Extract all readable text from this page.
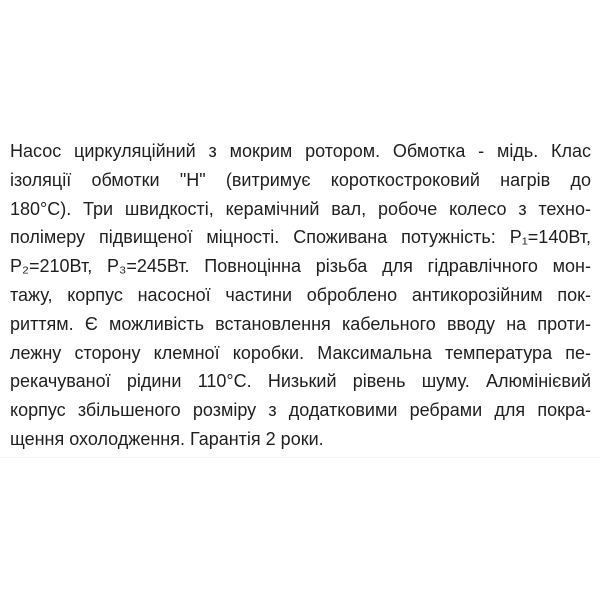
Насос циркуляційний з мокрим ротором. Обмотка - мідь. Клас
ізоляції обмотки "Н" (витримує короткостроковий нагрів до
180°С). Три швидкості, керамічний вал, робоче колесо з техно-
полімеру підвищеної міцності. Споживана потужність: Р₁=140Вт,
Р₂=210Вт, Р₃=245Вт. Повноцінна різьба для гідравлічного мон-
тажу, корпус насосної частини оброблено антикорозійним пок-
риттям. Є можливість встановлення кабельного вводу на проти-
лежну сторону клемної коробки. Максимальна температура пе-
рекачуваної рідини 110°С. Низький рівень шуму. Алюмінієвий
корпус збільшеного розміру з додатковими ребрами для покра-
щення охолодження. Гарантія 2 роки.
